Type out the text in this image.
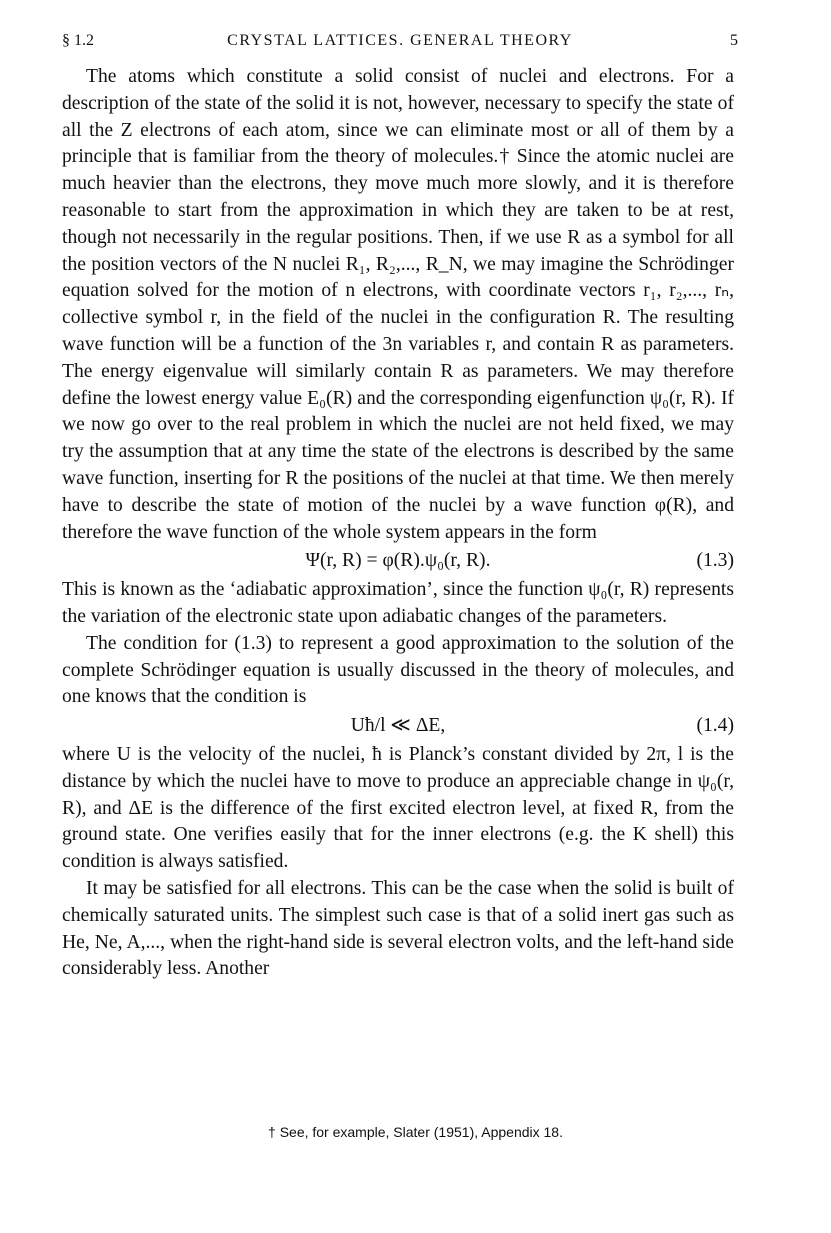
§ 1.2	CRYSTAL LATTICES. GENERAL THEORY	5

The atoms which constitute a solid consist of nuclei and electrons. For a description of the state of the solid it is not, however, necessary to specify the state of all the Z electrons of each atom, since we can eliminate most or all of them by a principle that is familiar from the theory of molecules.† Since the atomic nuclei are much heavier than the electrons, they move much more slowly, and it is therefore reasonable to start from the approximation in which they are taken to be at rest, though not necessarily in the regular positions. Then, if we use R as a symbol for all the position vectors of the N nuclei R₁, R₂,..., R_N, we may imagine the Schrödinger equation solved for the motion of n electrons, with coordinate vectors r₁, r₂,..., rₙ, collective symbol r, in the field of the nuclei in the configuration R. The resulting wave function will be a function of the 3n variables r, and contain R as parameters. The energy eigenvalue will similarly contain R as parameters. We may therefore define the lowest energy value E₀(R) and the corresponding eigenfunction ψ₀(r, R). If we now go over to the real problem in which the nuclei are not held fixed, we may try the assumption that at any time the state of the electrons is described by the same wave function, inserting for R the positions of the nuclei at that time. We then merely have to describe the state of motion of the nuclei by a wave function φ(R), and therefore the wave function of the whole system appears in the form

Ψ(r, R) = φ(R).ψ₀(r, R).	(1.3)

This is known as the ‘adiabatic approximation’, since the function ψ₀(r, R) represents the variation of the electronic state upon adiabatic changes of the parameters.

The condition for (1.3) to represent a good approximation to the solution of the complete Schrödinger equation is usually discussed in the theory of molecules, and one knows that the condition is

Uħ/l ≪ ΔE,	(1.4)

where U is the velocity of the nuclei, ħ is Planck’s constant divided by 2π, l is the distance by which the nuclei have to move to produce an appreciable change in ψ₀(r, R), and ΔE is the difference of the first excited electron level, at fixed R, from the ground state. One verifies easily that for the inner electrons (e.g. the K shell) this condition is always satisfied.

It may be satisfied for all electrons. This can be the case when the solid is built of chemically saturated units. The simplest such case is that of a solid inert gas such as He, Ne, A,..., when the right-hand side is several electron volts, and the left-hand side considerably less. Another

† See, for example, Slater (1951), Appendix 18.
